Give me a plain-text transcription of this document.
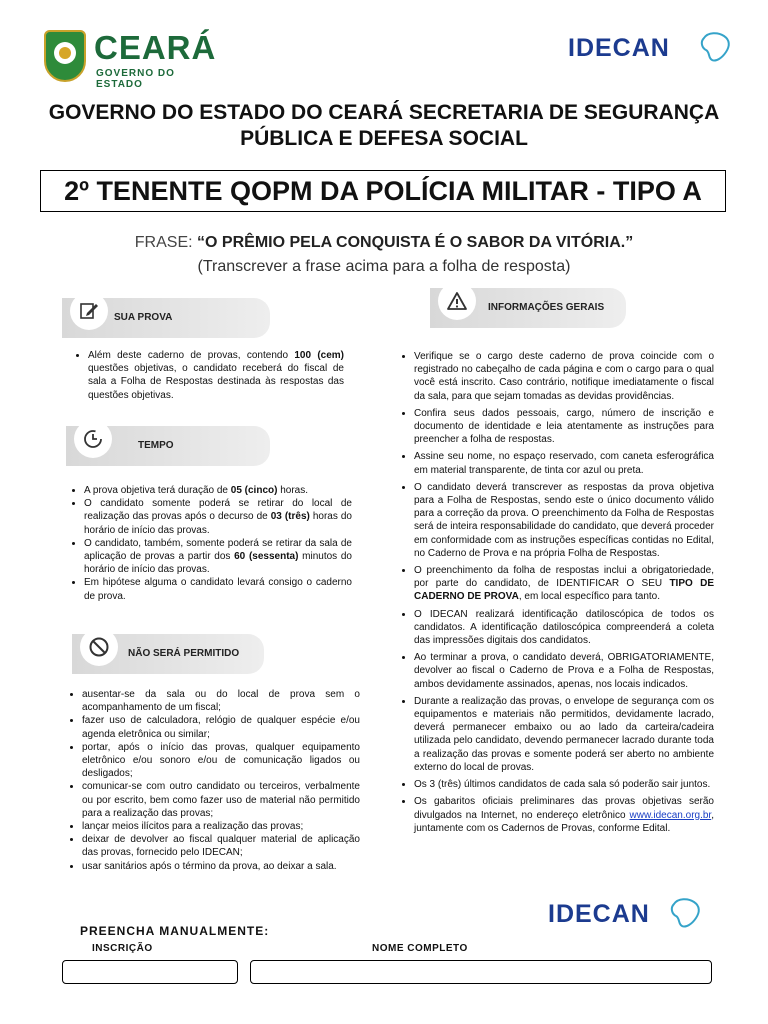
CEARÁ
GOVERNO DO ESTADO
IDECAN
GOVERNO DO ESTADO DO CEARÁ SECRETARIA DE SEGURANÇA
PÚBLICA E DEFESA SOCIAL
2º TENENTE QOPM DA POLÍCIA MILITAR - TIPO A
FRASE: “O PRÊMIO PELA CONQUISTA É O SABOR DA VITÓRIA.”
(Transcrever a frase acima para a folha de resposta)
SUA PROVA
• Além deste caderno de provas, contendo 100 (cem) questões objetivas, o candidato receberá do fiscal de sala a Folha de Respostas destinada às respostas das questões objetivas.
TEMPO
• A prova objetiva terá duração de 05 (cinco) horas.
• O candidato somente poderá se retirar do local de realização das provas após o decurso de 03 (três) horas do horário de início das provas.
• O candidato, também, somente poderá se retirar da sala de aplicação de provas a partir dos 60 (sessenta) minutos do horário de início das provas.
• Em hipótese alguma o candidato levará consigo o caderno de prova.
NÃO SERÁ PERMITIDO
• ausentar-se da sala ou do local de prova sem o acompanhamento de um fiscal;
• fazer uso de calculadora, relógio de qualquer espécie e/ou agenda eletrônica ou similar;
• portar, após o início das provas, qualquer equipamento eletrônico e/ou sonoro e/ou de comunicação ligados ou desligados;
• comunicar-se com outro candidato ou terceiros, verbalmente ou por escrito, bem como fazer uso de material não permitido para a realização das provas;
• lançar meios ilícitos para a realização das provas;
• deixar de devolver ao fiscal qualquer material de aplicação das provas, fornecido pelo IDECAN;
• usar sanitários após o término da prova, ao deixar a sala.
INFORMAÇÕES GERAIS
• Verifique se o cargo deste caderno de prova coincide com o registrado no cabeçalho de cada página e com o cargo para o qual você está inscrito. Caso contrário, notifique imediatamente o fiscal da sala, para que sejam tomadas as devidas providências.
• Confira seus dados pessoais, cargo, número de inscrição e documento de identidade e leia atentamente as instruções para preencher a folha de respostas.
• Assine seu nome, no espaço reservado, com caneta esferográfica em material transparente, de tinta cor azul ou preta.
• O candidato deverá transcrever as respostas da prova objetiva para a Folha de Respostas, sendo este o único documento válido para a correção da prova. O preenchimento da Folha de Respostas será de inteira responsabilidade do candidato, que deverá proceder em conformidade com as instruções específicas contidas no Edital, no Caderno de Prova e na própria Folha de Respostas.
• O preenchimento da folha de respostas inclui a obrigatoriedade, por parte do candidato, de IDENTIFICAR O SEU TIPO DE CADERNO DE PROVA, em local específico para tanto.
• O IDECAN realizará identificação datiloscópica de todos os candidatos. A identificação datiloscópica compreenderá a coleta das impressões digitais dos candidatos.
• Ao terminar a prova, o candidato deverá, OBRIGATORIAMENTE, devolver ao fiscal o Caderno de Prova e a Folha de Respostas, ambos devidamente assinados, apenas, nos locais indicados.
• Durante a realização das provas, o envelope de segurança com os equipamentos e materiais não permitidos, devidamente lacrado, deverá permanecer embaixo ou ao lado da carteira/cadeira utilizada pelo candidato, devendo permanecer lacrado durante toda a realização das provas e somente poderá ser aberto no ambiente externo do local de provas.
• Os 3 (três) últimos candidatos de cada sala só poderão sair juntos.
• Os gabaritos oficiais preliminares das provas objetivas serão divulgados na Internet, no endereço eletrônico www.idecan.org.br, juntamente com os Cadernos de Provas, conforme Edital.
IDECAN
PREENCHA MANUALMENTE:
INSCRIÇÃO	NOME COMPLETO
